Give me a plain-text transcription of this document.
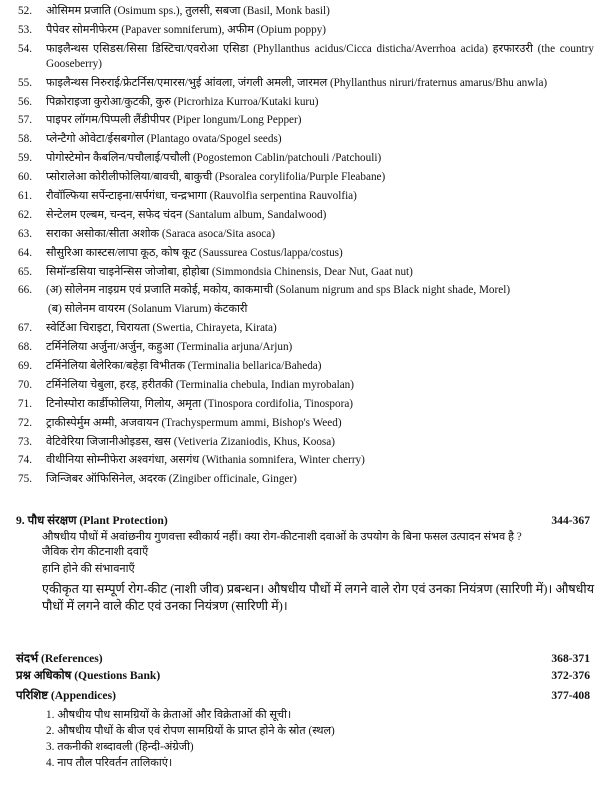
52.	ओसिमम प्रजाति (Osimum sps.), तुलसी, सबजा (Basil, Monk basil)
53.	पैपेवर सोमनीफेरम (Papaver somniferum), अफीम (Opium poppy)
54.	फाइलैन्थस एसिडस/सिसा डिस्टिचा/एवरोआ एसिडा (Phyllanthus acidus/Cicca disticha/Averrhoa acida) हरफारउरी (the country Gooseberry)
55.	फाइलैन्थस निरुराई/फ्रेटर्निस/एमारस/भुई आंवला, जंगली अमली, जारमल (Phyllanthus niruri/fraternus amarus/Bhu anwla)
56.	पिक्रोराइजा कुरोआ/कुटकी, कुरु (Picrorhiza Kurroa/Kutaki kuru)
57.	पाइपर लॉगम/पिप्पली लैंडीपीपर (Piper longum/Long Pepper)
58.	प्लेन्टैगो ओवेटा/ईसबगोल (Plantago ovata/Spogel seeds)
59.	पोगोस्टेमोन कैबलिन/पचौलाई/पचौली (Pogostemon Cablin/patchouli /Patchouli)
60.	प्सोरालेआ कोरीलीफोलिया/बावची, बाकुची (Psoralea corylifolia/Purple Fleabane)
61.	रौवॉल्फिया सर्पेन्टाइना/सर्पगंधा, चन्द्रभागा (Rauvolfia serpentina Rauvolfia)
62.	सेन्टेलम एल्बम, चन्दन, सफेद चंदन (Santalum album, Sandalwood)
63.	सराका असोका/सीता अशोक (Saraca asoca/Sita asoca)
64.	सौसुरिआ कास्टस/लापा कूठ, कोष कूट (Saussurea Costus/lappa/costus)
65.	सिमॉन्डसिया चाइनेन्सिस जोजोबा, होहोबा (Simmondsia Chinensis, Dear Nut, Gaat nut)
66.	(अ) सोलेनम नाइग्रम एवं प्रजाति मकोई, मकोय, काकमाची (Solanum nigrum and sps Black night shade, Morel)
(ब) सोलेनम वायरम (Solanum Viarum) कंटकारी
67.	स्वेर्टिआ चिराइटा, चिरायता (Swertia, Chirayeta, Kirata)
68.	टर्मिनेलिया अर्जुना/अर्जुन, कहुआ (Terminalia arjuna/Arjun)
69.	टर्मिनेलिया बेलेरिका/बहेड़ा विभीतक (Terminalia bellarica/Baheda)
70.	टर्मिनेलिया चेबुला, हरड़, हरीतकी (Terminalia chebula, Indian myrobalan)
71.	टिनोस्पोरा कार्डीफोलिया, गिलोय, अमृता (Tinospora cordifolia, Tinospora)
72.	ट्राकीस्पेर्मुम अम्मी, अजवायन (Trachyspermum ammi, Bishop's Weed)
73.	वेटिवेरिया जिजानीओइडस, खस (Vetiveria Zizaniodis, Khus, Koosa)
74.	वीथीनिया सोम्नीफेरा अश्वगंधा, असगंध (Withania somnifera, Winter cherry)
75.	जिन्जिबर ऑफिसिनेल, अदरक (Zingiber officinale, Ginger)
9. पौध संरक्षण (Plant Protection)	344-367
औषधीय पौधों में अवांछनीय गुणवत्ता स्वीकार्य नहीं। क्या रोग-कीटनाशी दवाओं के उपयोग के बिना फसल उत्पादन संभव है ?
जैविक रोग कीटनाशी दवाएँ
हानि होने की संभावनाएँ
एकीकृत या सम्पूर्ण रोग-कीट (नाशी जीव) प्रबन्धन। औषधीय पौधों में लगने वाले रोग एवं उनका नियंत्रण (सारिणी में)। औषधीय पौधों में लगने वाले कीट एवं उनका नियंत्रण (सारिणी में)।
संदर्भ (References)	368-371
प्रश्न अधिकोष (Questions Bank)	372-376
परिशिष्ट (Appendices)	377-408
1. औषधीय पौध सामग्रियों के क्रेताओं और विक्रेताओं की सूची।
2. औषधीय पौधों के बीज एवं रोपण सामग्रियों के प्राप्त होने के स्रोत (स्थल)
3. तकनीकी शब्दावली (हिन्दी-अंग्रेजी)
4. नाप तौल परिवर्तन तालिकाएं।
